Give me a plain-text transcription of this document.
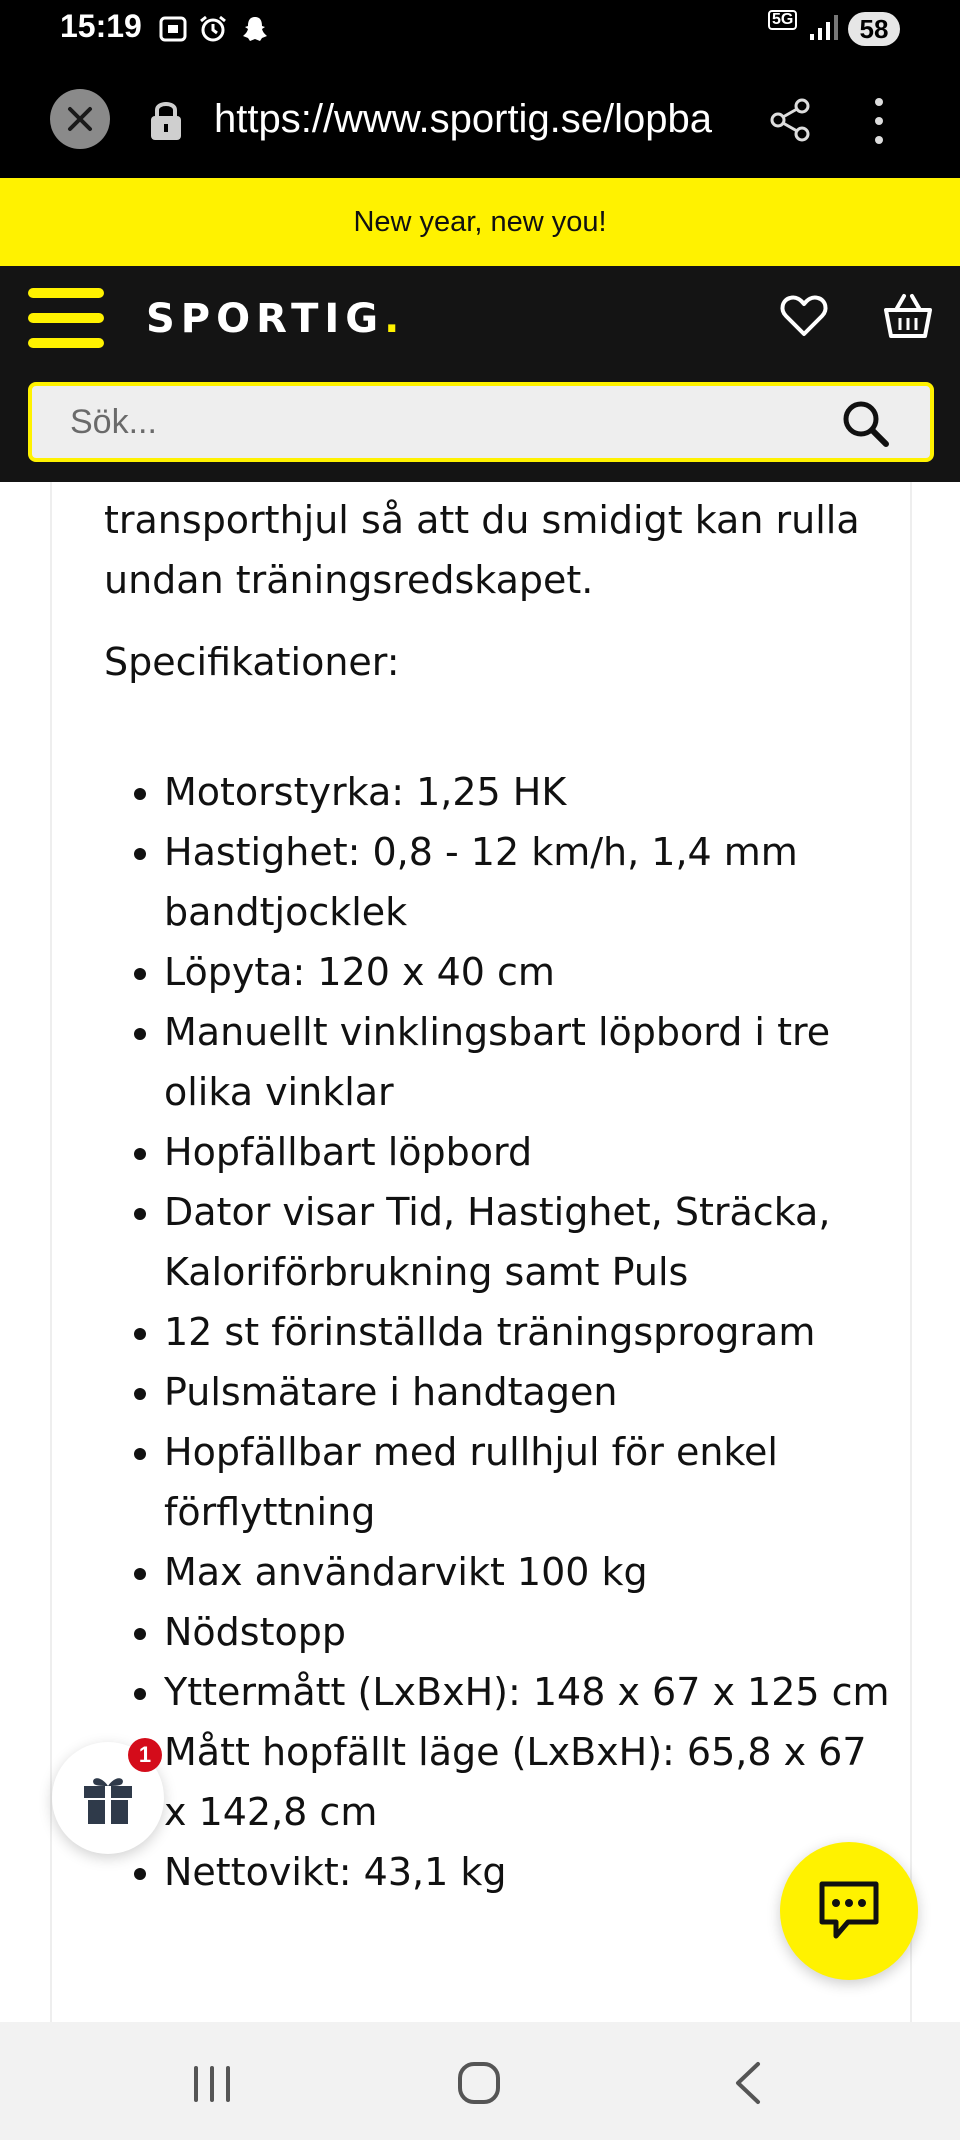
15:19	5G	58
https://www.sportig.se/lopba
New year, new you!
SPORTIG.
Sök...

transporthjul så att du smidigt kan rulla undan träningsredskapet.

Specifikationer:

• Motorstyrka: 1,25 HK
• Hastighet: 0,8 - 12 km/h, 1,4 mm bandtjocklek
• Löpyta: 120 x 40 cm
• Manuellt vinklingsbart löpbord i tre olika vinklar
• Hopfällbart löpbord
• Dator visar Tid, Hastighet, Sträcka, Kaloriförbrukning samt Puls
• 12 st förinställda träningsprogram
• Pulsmätare i handtagen
• Hopfällbar med rullhjul för enkel förflyttning
• Max användarvikt 100 kg
• Nödstopp
• Yttermått (LxBxH): 148 x 67 x 125 cm
• Mått hopfällt läge (LxBxH): 65,8 x 67 x 142,8 cm
• Nettovikt: 43,1 kg
1
